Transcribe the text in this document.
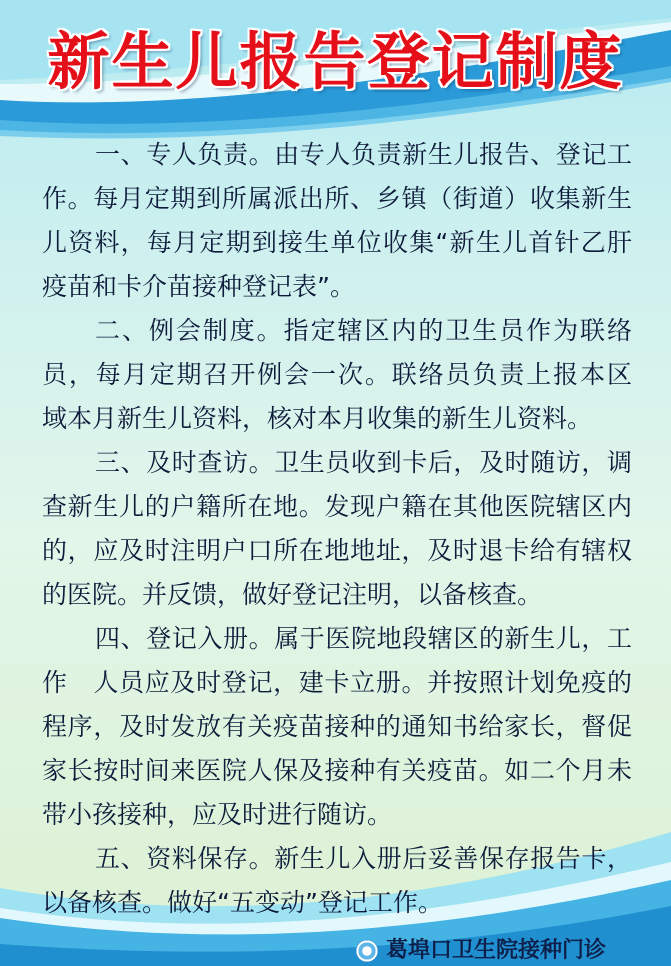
新生儿报告登记制度
一、专人负责。由专人负责新生儿报告、登记工
作。每月定期到所属派出所、乡镇（街道）收集新生
儿资料，每月定期到接生单位收集“新生儿首针乙肝
疫苗和卡介苗接种登记表”。
二、例会制度。指定辖区内的卫生员作为联络
员，每月定期召开例会一次。联络员负责上报本区
域本月新生儿资料，核对本月收集的新生儿资料。
三、及时查访。卫生员收到卡后，及时随访，调
查新生儿的户籍所在地。发现户籍在其他医院辖区内
的，应及时注明户口所在地地址，及时退卡给有辖权
的医院。并反馈，做好登记注明，以备核查。
四、登记入册。属于医院地段辖区的新生儿，工
作　人员应及时登记，建卡立册。并按照计划免疫的
程序，及时发放有关疫苗接种的通知书给家长，督促
家长按时间来医院人保及接种有关疫苗。如二个月未
带小孩接种，应及时进行随访。
五、资料保存。新生儿入册后妥善保存报告卡，
以备核查。做好“五变动”登记工作。
葛埠口卫生院接种门诊
